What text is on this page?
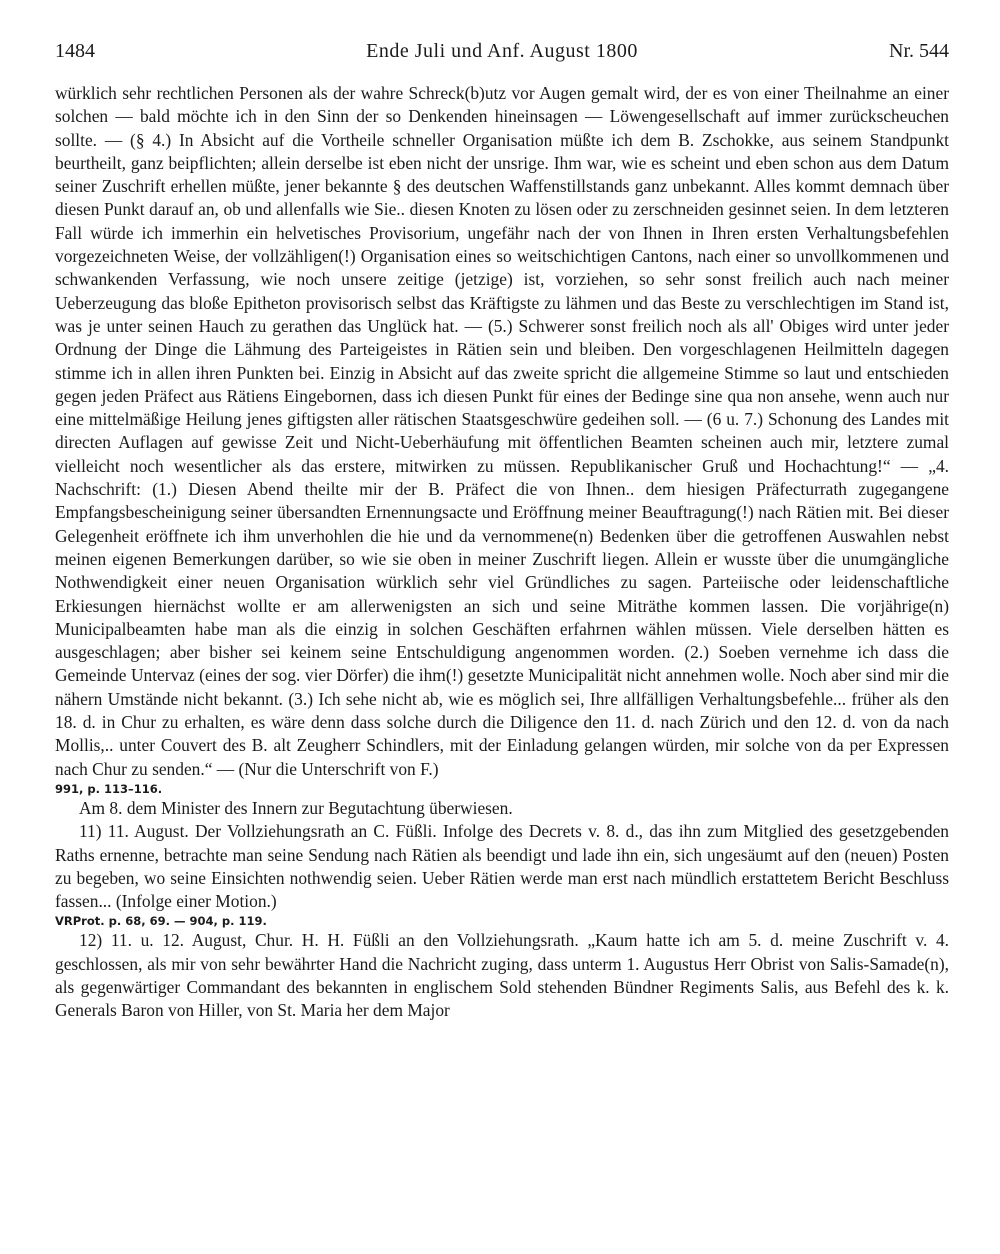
1484	Ende Juli und Anf. August 1800	Nr. 544

würklich sehr rechtlichen Personen als der wahre Schreck(b)utz vor Augen gemalt wird, der es von einer Theilnahme an einer solchen — bald möchte ich in den Sinn der so Denkenden hineinsagen — Löwengesellschaft auf immer zurückscheuchen sollte. — (§ 4.) In Absicht auf die Vortheile schneller Organisation müßte ich dem B. Zschokke, aus seinem Standpunkt beurtheilt, ganz beipflichten; allein derselbe ist eben nicht der unsrige. Ihm war, wie es scheint und eben schon aus dem Datum seiner Zuschrift erhellen müßte, jener bekannte § des deutschen Waffenstillstands ganz unbekannt. Alles kommt demnach über diesen Punkt darauf an, ob und allenfalls wie Sie.. diesen Knoten zu lösen oder zu zerschneiden gesinnet seien. In dem letzteren Fall würde ich immerhin ein helvetisches Provisorium, ungefähr nach der von Ihnen in Ihren ersten Verhaltungsbefehlen vorgezeichneten Weise, der vollzähligen(!) Organisation eines so weitschichtigen Cantons, nach einer so unvollkommenen und schwankenden Verfassung, wie noch unsere zeitige (jetzige) ist, vorziehen, so sehr sonst freilich auch nach meiner Ueberzeugung das bloße Epitheton provisorisch selbst das Kräftigste zu lähmen und das Beste zu verschlechtigen im Stand ist, was je unter seinen Hauch zu gerathen das Unglück hat. — (5.) Schwerer sonst freilich noch als all' Obiges wird unter jeder Ordnung der Dinge die Lähmung des Parteigeistes in Rätien sein und bleiben. Den vorgeschlagenen Heilmitteln dagegen stimme ich in allen ihren Punkten bei. Einzig in Absicht auf das zweite spricht die allgemeine Stimme so laut und entschieden gegen jeden Präfect aus Rätiens Eingebornen, dass ich diesen Punkt für eines der Bedinge sine qua non ansehe, wenn auch nur eine mittelmäßige Heilung jenes giftigsten aller rätischen Staatsgeschwüre gedeihen soll. — (6 u. 7.) Schonung des Landes mit directen Auflagen auf gewisse Zeit und Nicht-Ueberhäufung mit öffentlichen Beamten scheinen auch mir, letztere zumal vielleicht noch wesentlicher als das erstere, mitwirken zu müssen. Republikanischer Gruß und Hochachtung!“ — „4. Nachschrift: (1.) Diesen Abend theilte mir der B. Präfect die von Ihnen.. dem hiesigen Präfecturrath zugegangene Empfangsbescheinigung seiner übersandten Ernennungsacte und Eröffnung meiner Beauftragung(!) nach Rätien mit. Bei dieser Gelegenheit eröffnete ich ihm unverhohlen die hie und da vernommene(n) Bedenken über die getroffenen Auswahlen nebst meinen eigenen Bemerkungen darüber, so wie sie oben in meiner Zuschrift liegen. Allein er wusste über die unumgängliche Nothwendigkeit einer neuen Organisation würklich sehr viel Gründliches zu sagen. Parteiische oder leidenschaftliche Erkiesungen hiernächst wollte er am allerwenigsten an sich und seine Miträthe kommen lassen. Die vorjährige(n) Municipalbeamten habe man als die einzig in solchen Geschäften erfahrnen wählen müssen. Viele derselben hätten es ausgeschlagen; aber bisher sei keinem seine Entschuldigung angenommen worden. (2.) Soeben vernehme ich dass die Gemeinde Untervaz (eines der sog. vier Dörfer) die ihm(!) gesetzte Municipalität nicht annehmen wolle. Noch aber sind mir die nähern Umstände nicht bekannt. (3.) Ich sehe nicht ab, wie es möglich sei, Ihre allfälligen Verhaltungsbefehle... früher als den 18. d. in Chur zu erhalten, es wäre denn dass solche durch die Diligence den 11. d. nach Zürich und den 12. d. von da nach Mollis,.. unter Couvert des B. alt Zeugherr Schindlers, mit der Einladung gelangen würden, mir solche von da per Expressen nach Chur zu senden.“ — (Nur die Unterschrift von F.)

991, p. 113–116.

Am 8. dem Minister des Innern zur Begutachtung überwiesen.

11) 11. August. Der Vollziehungsrath an C. Füßli. Infolge des Decrets v. 8. d., das ihn zum Mitglied des gesetzgebenden Raths ernenne, betrachte man seine Sendung nach Rätien als beendigt und lade ihn ein, sich ungesäumt auf den (neuen) Posten zu begeben, wo seine Einsichten nothwendig seien. Ueber Rätien werde man erst nach mündlich erstattetem Bericht Beschluss fassen... (Infolge einer Motion.)

VRProt. p. 68, 69. — 904, p. 119.

12) 11. u. 12. August, Chur. H. H. Füßli an den Vollziehungsrath. „Kaum hatte ich am 5. d. meine Zuschrift v. 4. geschlossen, als mir von sehr bewährter Hand die Nachricht zuging, dass unterm 1. Augustus Herr Obrist von Salis-Samade(n), als gegenwärtiger Commandant des bekannten in englischem Sold stehenden Bündner Regiments Salis, aus Befehl des k. k. Generals Baron von Hiller, von St. Maria her dem Major
